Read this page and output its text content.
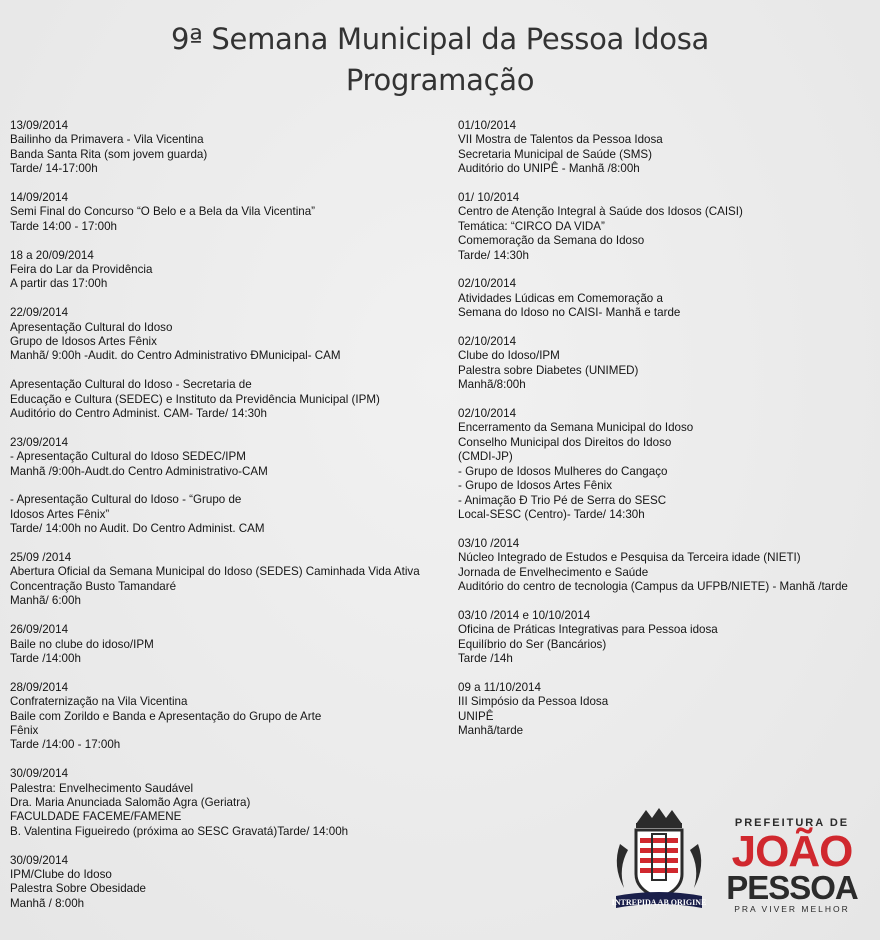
9ª Semana Municipal da Pessoa Idosa
Programação
13/09/2014
Bailinho da Primavera - Vila Vicentina
Banda Santa Rita (som jovem guarda)
Tarde/ 14-17:00h
14/09/2014
Semi Final do Concurso “O Belo e a Bela da Vila Vicentina”
Tarde 14:00 - 17:00h
18 a 20/09/2014
Feira do Lar da Providência
A partir das 17:00h
22/09/2014
Apresentação Cultural do Idoso
Grupo de Idosos Artes Fênix
Manhã/ 9:00h -Audit. do Centro Administrativo ÐMunicipal- CAM
Apresentação Cultural do Idoso - Secretaria de
Educação e Cultura (SEDEC) e Instituto da Previdência Municipal (IPM)
Auditório do Centro Administ. CAM- Tarde/ 14:30h
23/09/2014
- Apresentação Cultural do Idoso SEDEC/IPM
Manhã /9:00h-Audt.do Centro Administrativo-CAM
- Apresentação Cultural do Idoso - “Grupo de
Idosos Artes Fênix”
Tarde/ 14:00h no Audit. Do Centro Administ. CAM
25/09 /2014
Abertura Oficial da Semana Municipal do Idoso (SEDES) Caminhada Vida Ativa
Concentração Busto Tamandaré
Manhã/ 6:00h
26/09/2014
Baile no clube do idoso/IPM
Tarde /14:00h
28/09/2014
Confraternização na Vila Vicentina
Baile com Zorildo e Banda e Apresentação do Grupo de Arte
Fênix
Tarde /14:00 - 17:00h
30/09/2014
Palestra: Envelhecimento Saudável
Dra. Maria Anunciada Salomão Agra (Geriatra)
FACULDADE FACEME/FAMENE
B. Valentina Figueiredo (próxima ao SESC Gravatá)Tarde/ 14:00h
30/09/2014
IPM/Clube do Idoso
Palestra Sobre Obesidade
Manhã / 8:00h
01/10/2014
VII Mostra de Talentos da Pessoa Idosa
Secretaria Municipal de Saúde (SMS)
Auditório do UNIPÊ - Manhã /8:00h
01/ 10/2014
Centro de Atenção Integral à Saúde dos Idosos (CAISI)
Temática: “CIRCO DA VIDA”
Comemoração da Semana do Idoso
Tarde/ 14:30h
02/10/2014
Atividades Lúdicas em Comemoração a
Semana do Idoso no CAISI- Manhã e tarde
02/10/2014
Clube do Idoso/IPM
Palestra sobre Diabetes (UNIMED)
Manhã/8:00h
02/10/2014
Encerramento da Semana Municipal do Idoso
Conselho Municipal dos Direitos do Idoso
(CMDI-JP)
- Grupo de Idosos Mulheres do Cangaço
- Grupo de Idosos Artes Fênix
- Animação Ð Trio Pé de Serra do SESC
Local-SESC (Centro)- Tarde/ 14:30h
03/10 /2014
Núcleo Integrado de Estudos e Pesquisa da Terceira idade (NIETI)
Jornada de Envelhecimento e Saúde
Auditório do centro de tecnologia (Campus da UFPB/NIETE) - Manhã /tarde
03/10 /2014 e 10/10/2014
Oficina de Práticas Integrativas para Pessoa idosa
Equilíbrio do Ser (Bancários)
Tarde /14h
09 a 11/10/2014
III Simpósio da Pessoa Idosa
UNIPÊ
Manhã/tarde
INTREPIDA AB ORIGINE
PREFEITURA DE
JOÃO
PESSOA
PRA VIVER MELHOR
